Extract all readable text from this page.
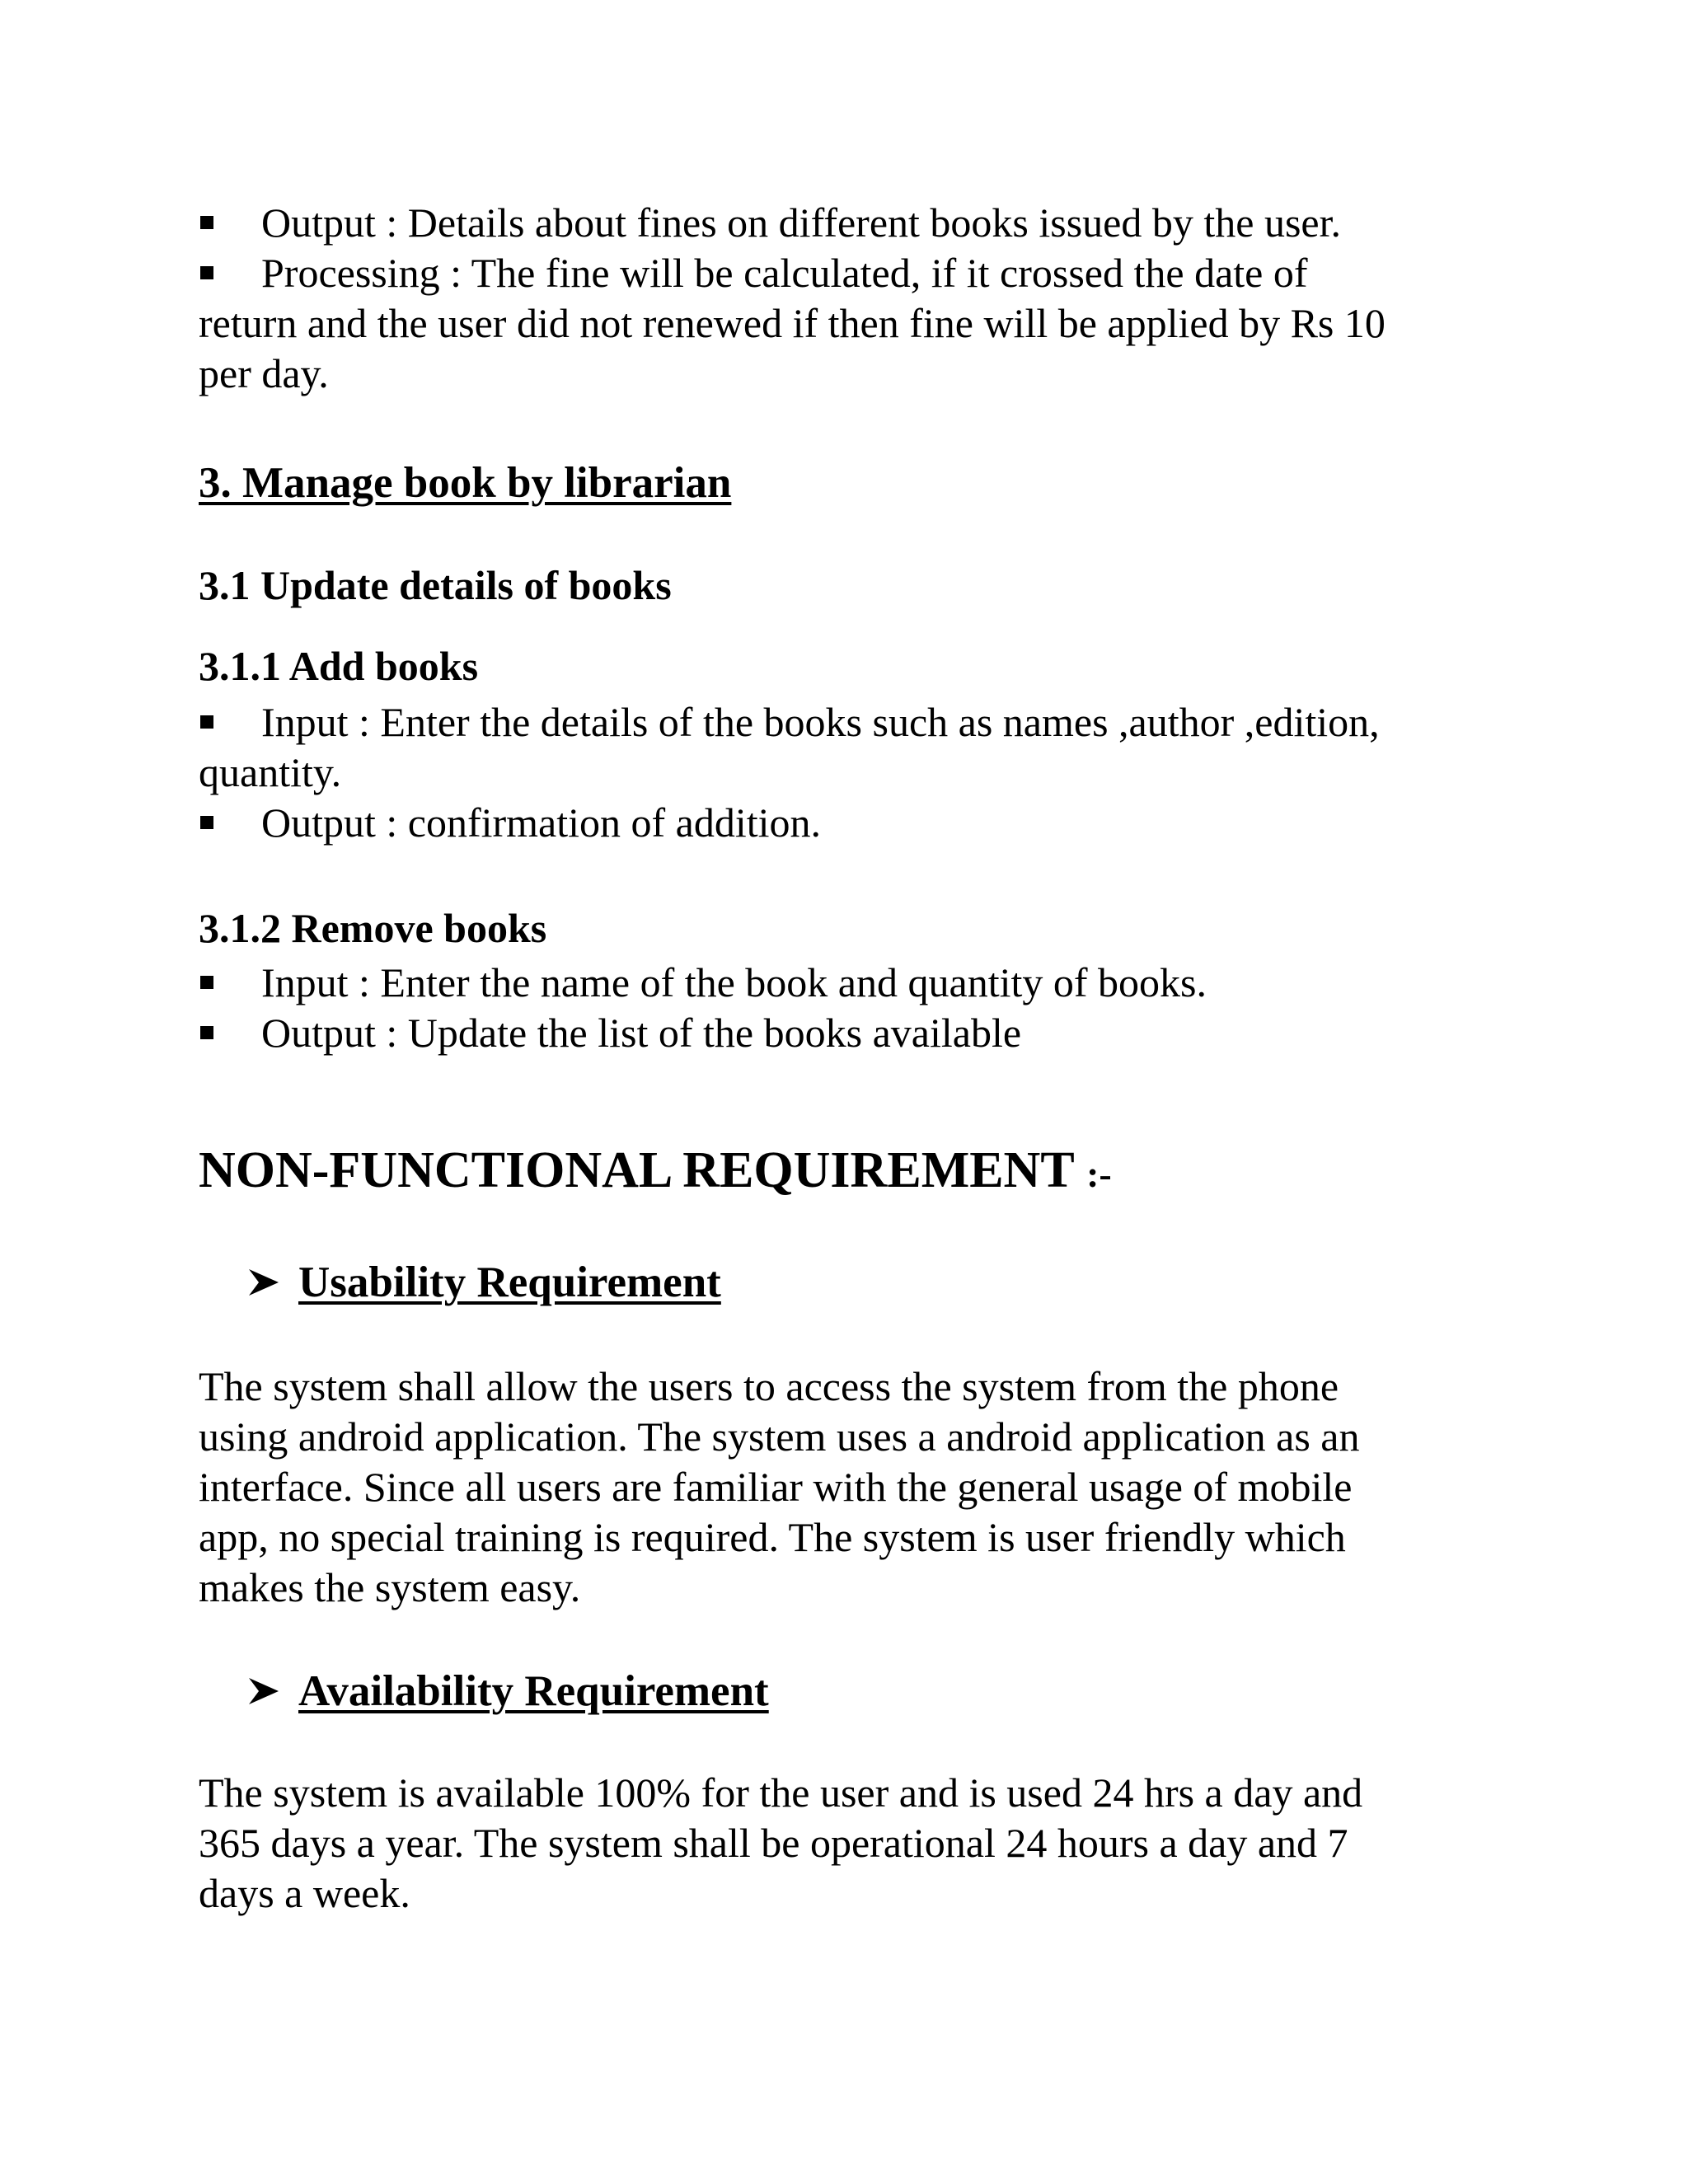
Output : Details about fines on different books issued by the user.
Processing : The fine will be calculated, if it crossed the date of
return and the user did not renewed if then fine will be applied by Rs 10
per day.
3. Manage book by librarian
3.1 Update details of books
3.1.1 Add books
Input : Enter the details of the books such as names ,author ,edition,
quantity.
Output : confirmation of addition.
3.1.2 Remove books
Input : Enter the name of the book and quantity of books.
Output : Update the list of the books available
NON-FUNCTIONAL REQUIREMENT :-
Usability Requirement
The system shall allow the users to access the system from the phone
using android application. The system uses a android application as an
interface. Since all users are familiar with the general usage of mobile
app, no special training is required. The system is user friendly which
makes the system easy.
Availability Requirement
The system is available 100% for the user and is used 24 hrs a day and
365 days a year. The system shall be operational 24 hours a day and 7
days a week.
